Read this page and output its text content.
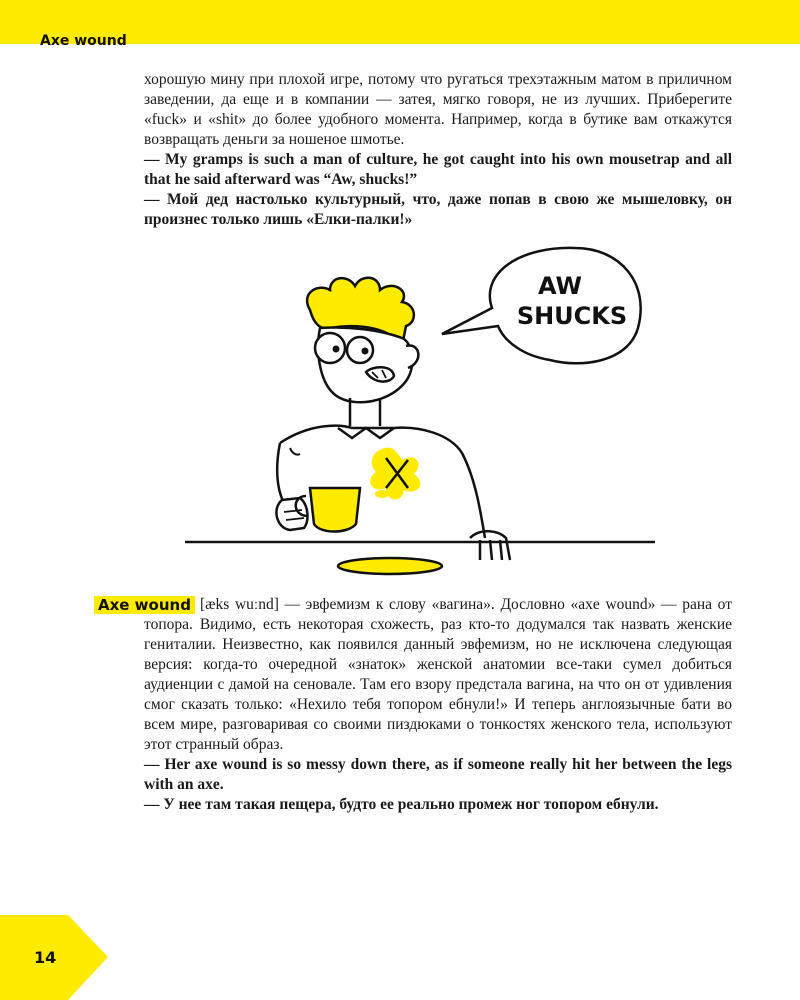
Axe wound

хорошую мину при плохой игре, потому что ругаться трехэтажным матом в приличном заведении, да еще и в компании — затея, мягко говоря, не из лучших. Приберегите «fuck» и «shit» до более удобного момента. Например, когда в бутике вам откажутся возвращать деньги за ношеное шмотье.

— My gramps is such a man of culture, he got caught into his own mousetrap and all that he said afterward was “Aw, shucks!”

— Мой дед настолько культурный, что, даже попав в свою же мышеловку, он произнес только лишь «Елки-палки!»

AW
SHUCKS
Axe wound [æks wuːnd] — эвфемизм к слову «вагина». Дословно «axe wound» — рана от топора. Видимо, есть некоторая схожесть, раз кто-то додумался так назвать женские гениталии. Неизвестно, как появился данный эвфемизм, но не исключена следующая версия: когда-то очередной «знаток» женской анатомии все-таки сумел добиться аудиенции с дамой на сеновале. Там его взору предстала вагина, на что он от удивления смог сказать только: «Нехило тебя топором ебнули!» И теперь англоязычные бати во всем мире, разговаривая со своими пиздюками о тонкостях женского тела, используют этот странный образ.

— Her axe wound is so messy down there, as if someone really hit her between the legs with an axe.

— У нее там такая пещера, будто ее реально промеж ног топором ебнули.

14
